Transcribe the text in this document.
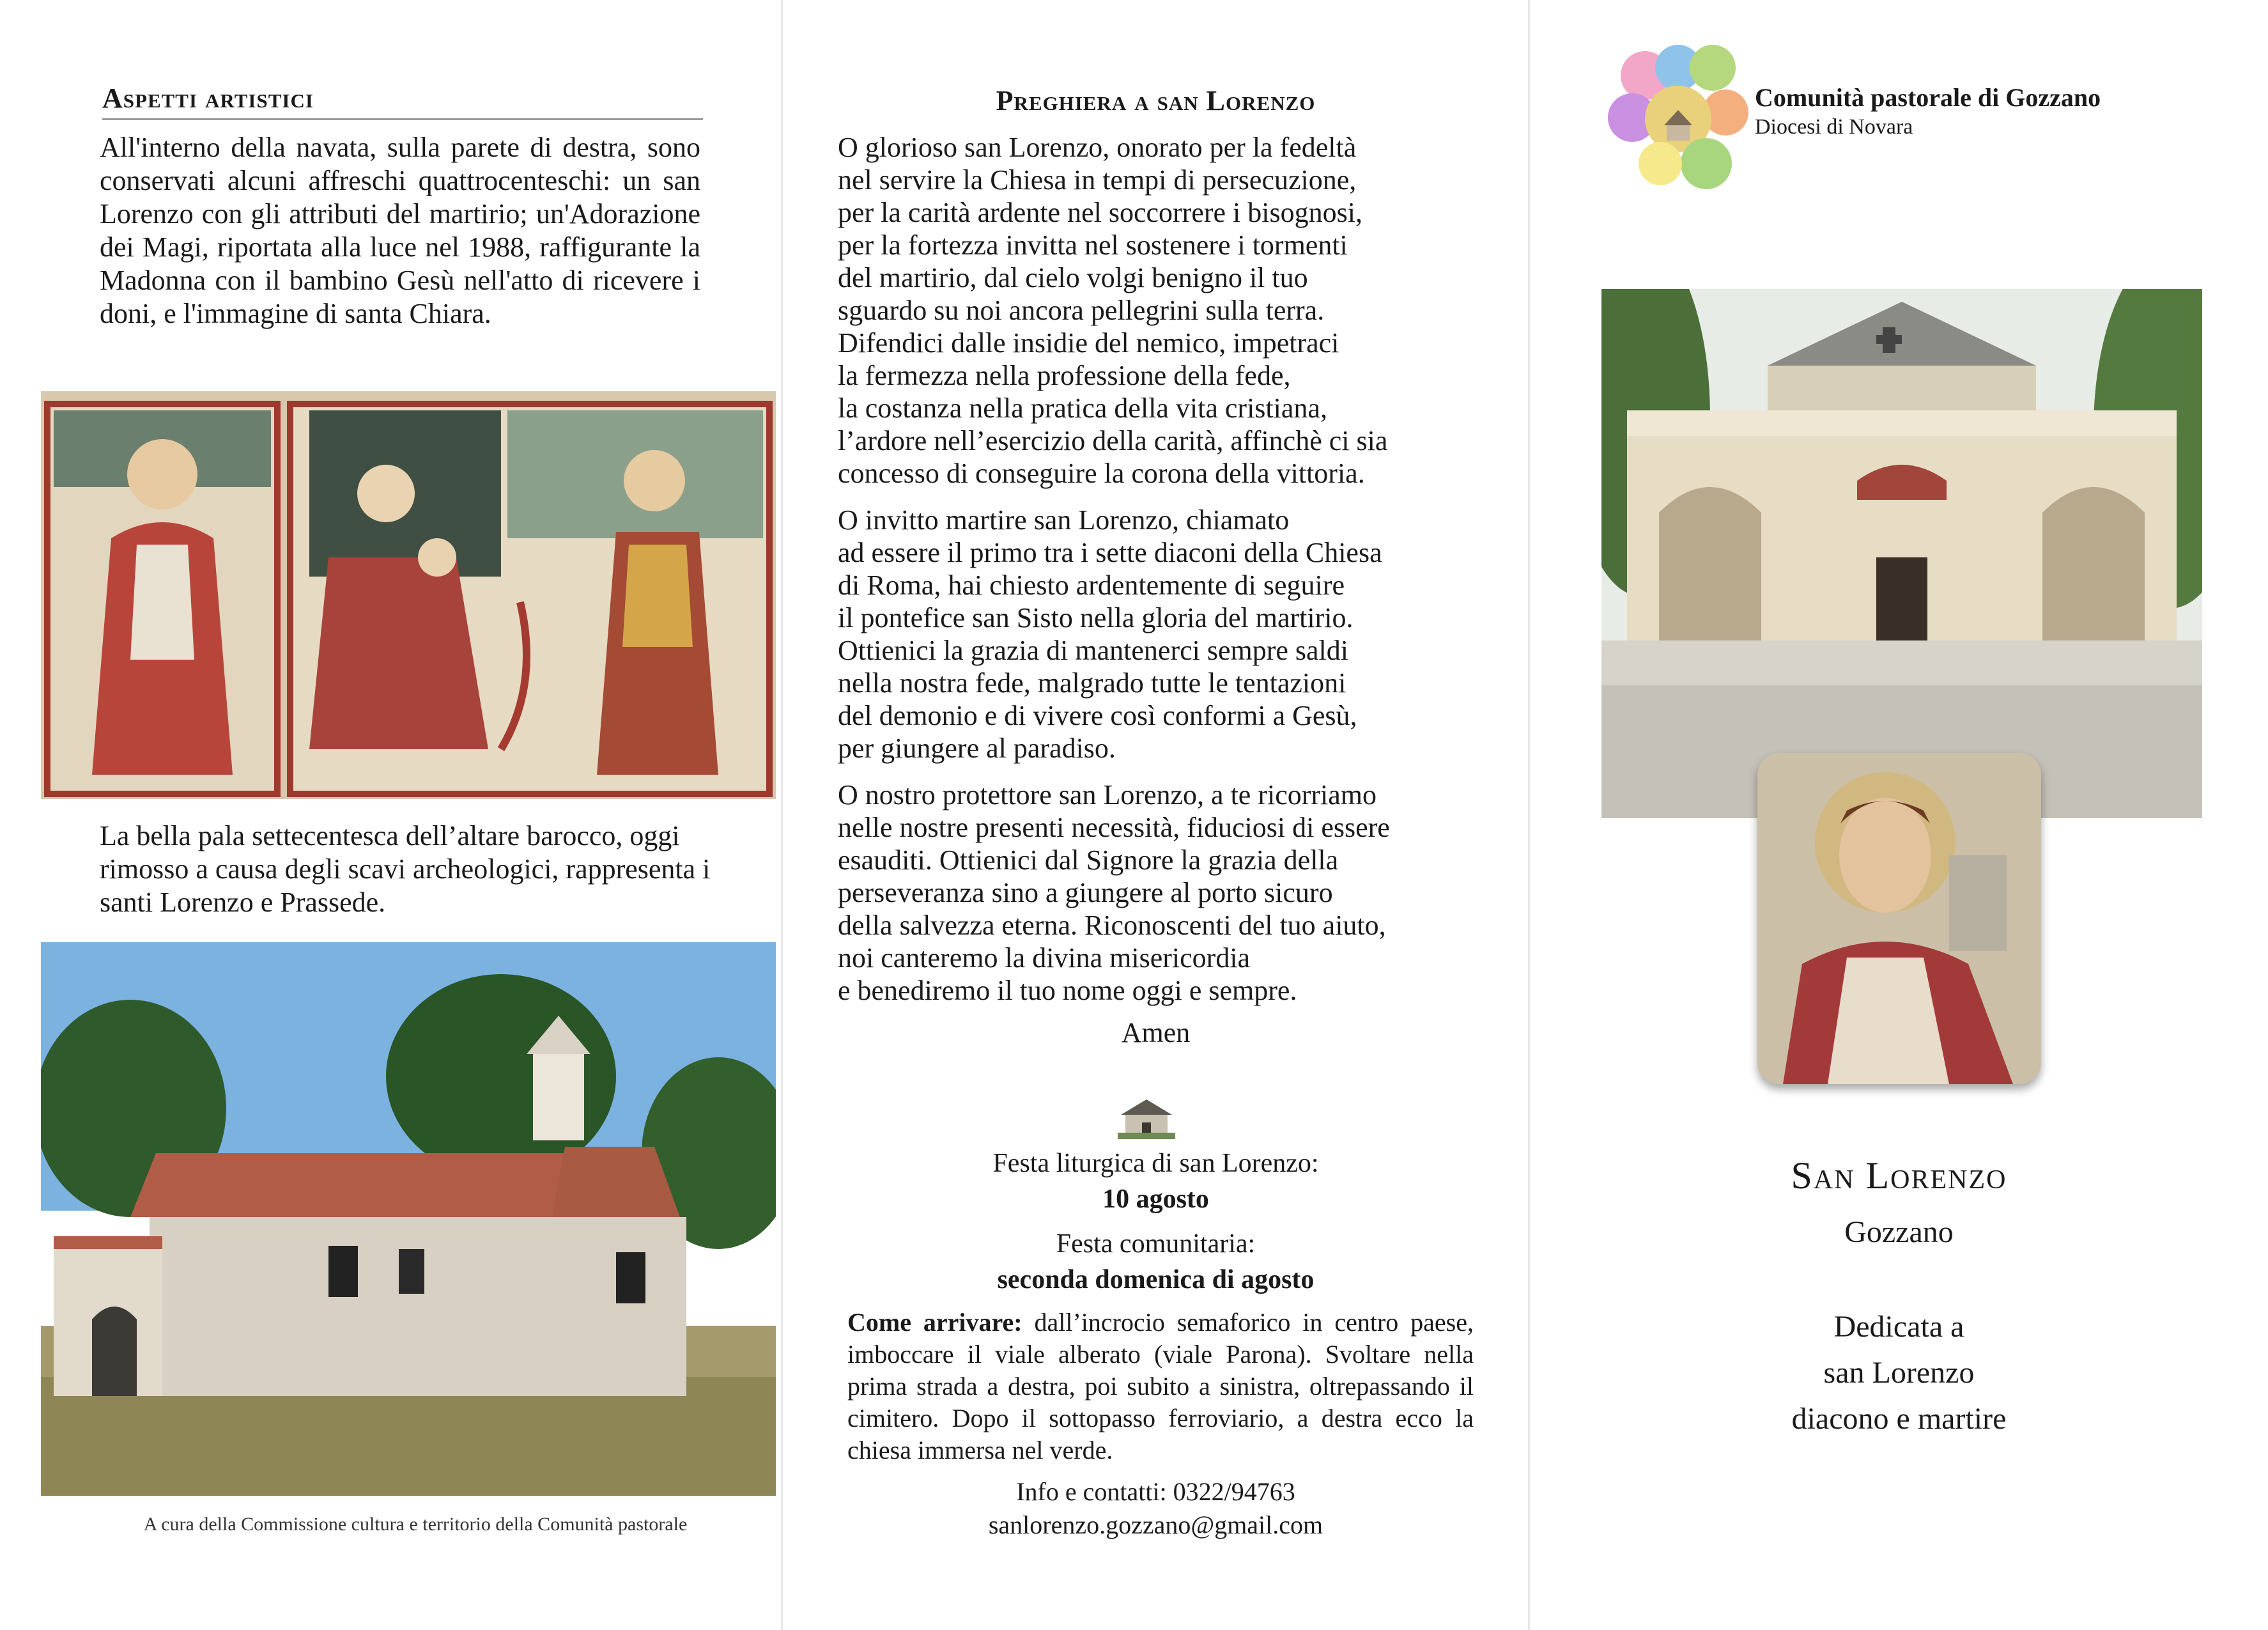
Aspetti artistici
All'interno della navata, sulla parete di destra, sono conservati alcuni affreschi quattrocenteschi: un san Lorenzo con gli attributi del martirio; un'Adorazione dei Magi, riportata alla luce nel 1988, raffigurante la Madonna con il bambino Gesù nell'atto di ricevere i doni, e l'immagine di santa Chiara.
La bella pala settecentesca dell’altare barocco, oggi rimosso a causa degli scavi archeologici, rappresenta i santi Lorenzo e Prassede.
A cura della Commissione cultura e territorio della Comunità pastorale
Preghiera a san Lorenzo

O glorioso san Lorenzo, onorato per la fedeltà
nel servire la Chiesa in tempi di persecuzione,
per la carità ardente nel soccorrere i bisognosi,
per la fortezza invitta nel sostenere i tormenti
del martirio, dal cielo volgi benigno il tuo
sguardo su noi ancora pellegrini sulla terra.
Difendici dalle insidie del nemico, impetraci
la fermezza nella professione della fede,
la costanza nella pratica della vita cristiana,
l’ardore nell’esercizio della carità, affinchè ci sia
concesso di conseguire la corona della vittoria.

O invitto martire san Lorenzo, chiamato
ad essere il primo tra i sette diaconi della Chiesa
di Roma, hai chiesto ardentemente di seguire
il pontefice san Sisto nella gloria del martirio.
Ottienici la grazia di mantenerci sempre saldi
nella nostra fede, malgrado tutte le tentazioni
del demonio e di vivere così conformi a Gesù,
per giungere al paradiso.

O nostro protettore san Lorenzo, a te ricorriamo
nelle nostre presenti necessità, fiduciosi di essere
esauditi. Ottienici dal Signore la grazia della
perseveranza sino a giungere al porto sicuro
della salvezza eterna. Riconoscenti del tuo aiuto,
noi canteremo la divina misericordia
e benediremo il tuo nome oggi e sempre.

Amen
Festa liturgica di san Lorenzo:
10 agosto
Festa comunitaria:
seconda domenica di agosto
Come arrivare: dall’incrocio semaforico in centro paese, imboccare il viale alberato (viale Parona). Svoltare nella prima strada a destra, poi subito a sinistra, oltrepassando il cimitero. Dopo il sottopasso ferroviario, a destra ecco la chiesa immersa nel verde.
Info e contatti: 0322/94763
sanlorenzo.gozzano@gmail.com
Comunità pastorale di Gozzano
Diocesi di Novara
San Lorenzo
Gozzano
Dedicata a
san Lorenzo
diacono e martire
